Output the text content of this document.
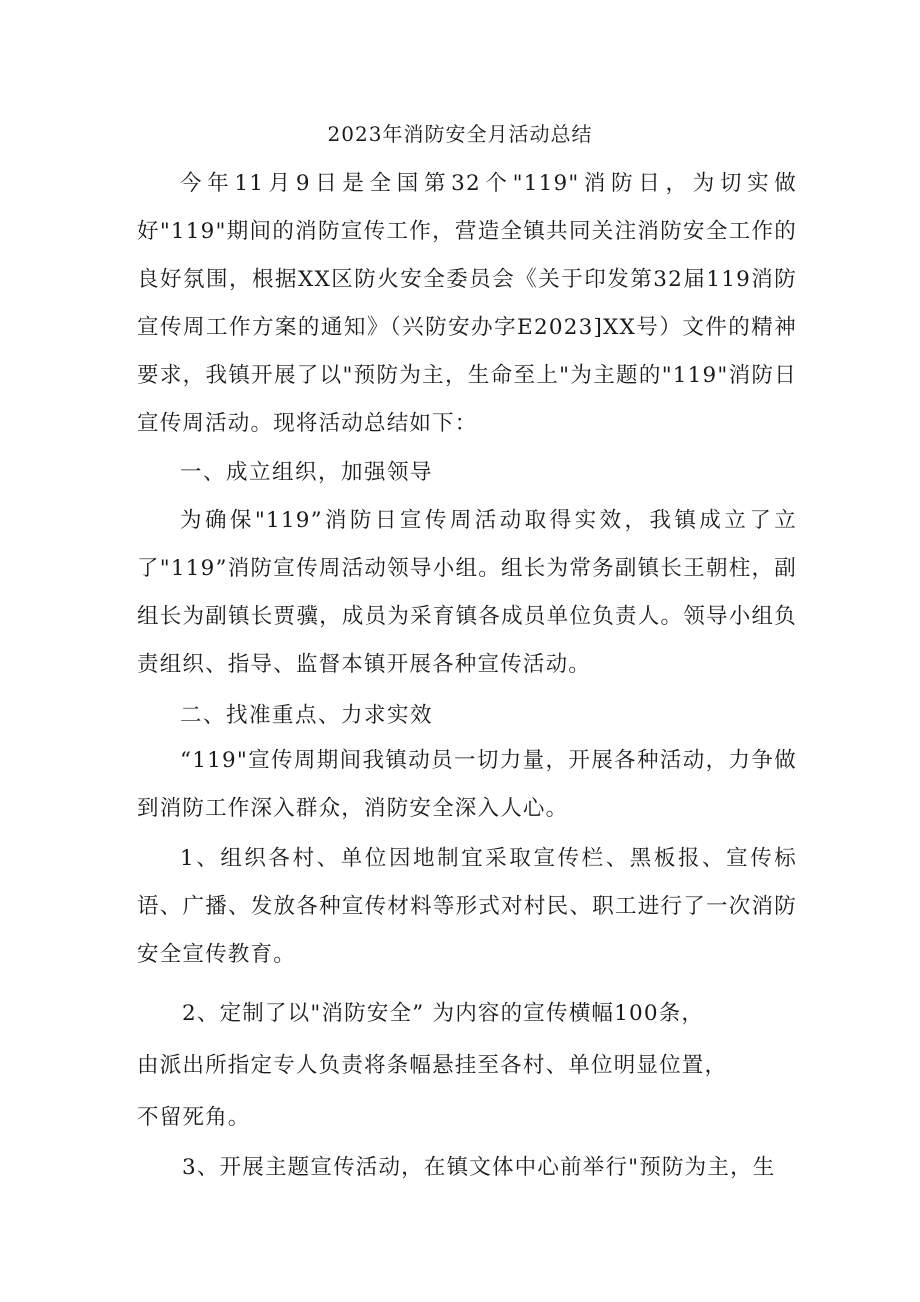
2023年消防安全月活动总结

今年11月9日是全国第32个"119"消防日，为切实做好"119"期间的消防宣传工作，营造全镇共同关注消防安全工作的良好氛围，根据XX区防火安全委员会《关于印发第32届119消防宣传周工作方案的通知》（兴防安办字E2023]XX号）文件的精神要求，我镇开展了以"预防为主，生命至上"为主题的"119"消防日宣传周活动。现将活动总结如下：

一、成立组织，加强领导

为确保"119”消防日宣传周活动取得实效，我镇成立了立了"119”消防宣传周活动领导小组。组长为常务副镇长王朝柱，副组长为副镇长贾骥，成员为采育镇各成员单位负责人。领导小组负责组织、指导、监督本镇开展各种宣传活动。

二、找准重点、力求实效

“119"宣传周期间我镇动员一切力量，开展各种活动，力争做到消防工作深入群众，消防安全深入人心。

1、组织各村、单位因地制宜采取宣传栏、黑板报、宣传标语、广播、发放各种宣传材料等形式对村民、职工进行了一次消防安全宣传教育。

2、定制了以"消防安全” 为内容的宣传横幅100条，
由派出所指定专人负责将条幅悬挂至各村、单位明显位置，
不留死角。
3、开展主题宣传活动，在镇文体中心前举行"预防为主，生
